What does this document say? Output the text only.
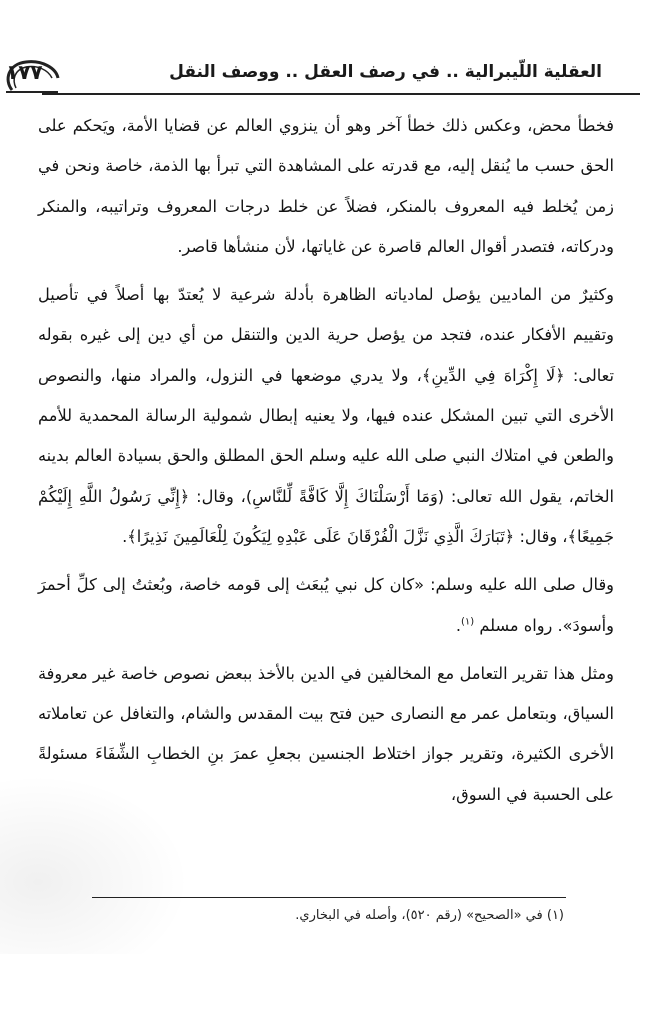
١٧٧	العقلية اللّيبرالية .. في رصف العقل .. ووصف النقل

فخطأ محض، وعكس ذلك خطأ آخر وهو أن ينزوي العالم عن قضايا الأمة، ويَحكم على الحق حسب ما يُنقل إليه، مع قدرته على المشاهدة التي تبرأ بها الذمة، خاصة ونحن في زمن يُخلط فيه المعروف بالمنكر، فضلاً عن خلط درجات المعروف وتراتيبه، والمنكر ودركاته، فتصدر أقوال العالم قاصرة عن غاياتها، لأن منشأها قاصر.

وكثيرٌ من الماديين يؤصل لمادياته الظاهرة بأدلة شرعية لا يُعتدّ بها أصلاً في تأصيل وتقييم الأفكار عنده، فتجد من يؤصل حرية الدين والتنقل من أي دين إلى غيره بقوله تعالى: ﴿لَا إِكْرَاهَ فِي الدِّينِ﴾، ولا يدري موضعها في النزول، والمراد منها، والنصوص الأخرى التي تبين المشكل عنده فيها، ولا يعنيه إبطال شمولية الرسالة المحمدية للأمم والطعن في امتلاك النبي صلى الله عليه وسلم الحق المطلق والحق بسيادة العالم بدينه الخاتم، يقول الله تعالى: (وَمَا أَرْسَلْنَاكَ إِلَّا كَافَّةً لِّلنَّاسِ)، وقال: ﴿إِنِّي رَسُولُ اللَّهِ إِلَيْكُمْ جَمِيعًا﴾، وقال: ﴿تَبَارَكَ الَّذِي نَزَّلَ الْفُرْقَانَ عَلَى عَبْدِهِ لِيَكُونَ لِلْعَالَمِينَ نَذِيرًا﴾.

وقال صلى الله عليه وسلم: «كان كل نبي يُبعَث إلى قومه خاصة، وبُعثتُ إلى كلِّ أحمرَ وأسودَ». رواه مسلم $^{(١)}$.

ومثل هذا تقرير التعامل مع المخالفين في الدين بالأخذ ببعض نصوص خاصة غير معروفة السياق، وبتعامل عمر مع النصارى حين فتح بيت المقدس والشام، والتغافل عن تعاملاته الأخرى الكثيرة، وتقرير جواز اختلاط الجنسين بجعلِ عمرَ بنِ الخطابِ الشِّفَاءَ مسئولةً على الحسبة في السوق،

(١) في «الصحيح» (رقم ٥٢٠)، وأصله في البخاري.
